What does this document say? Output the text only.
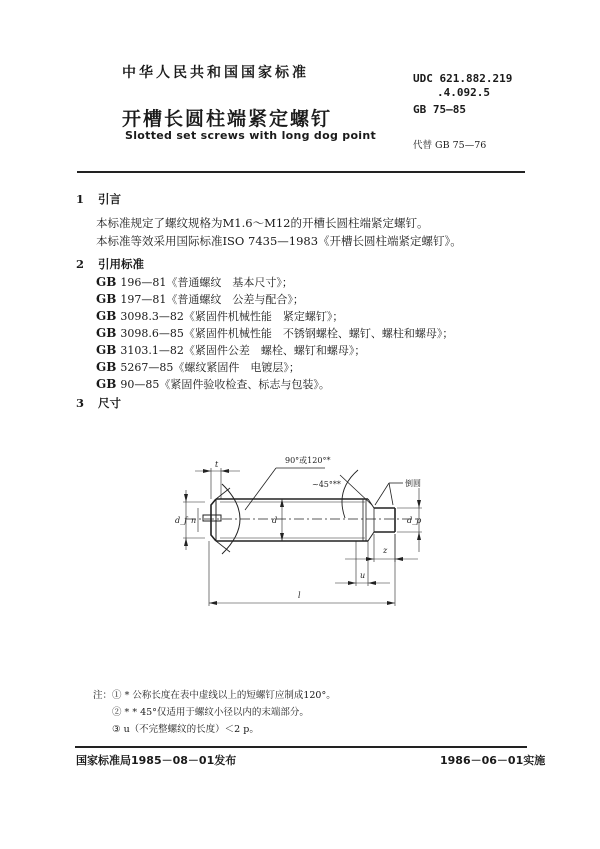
中华人民共和国国家标准
开槽长圆柱端紧定螺钉
Slotted set screws with long dog point
UDC 621.882.219
.4.092.5
GB 75—85
代替 GB 75—76
1 引言
本标准规定了螺纹规格为M1.6～M12的开槽长圆柱端紧定螺钉。
本标准等效采用国际标准ISO 7435—1983《开槽长圆柱端紧定螺钉》。
2 引用标准
GB 196—81《普通螺纹　基本尺寸》；
GB 197—81《普通螺纹　公差与配合》；
GB 3098.3—82《紧固件机械性能　紧定螺钉》；
GB 3098.6—85《紧固件机械性能　不锈钢螺栓、螺钉、螺柱和螺母》；
GB 3103.1—82《紧固件公差　螺栓、螺钉和螺母》；
GB 5267—85《螺纹紧固件　电镀层》；
GB 90—85《紧固件验收检查、标志与包装》。
3 尺寸
t	90°或120°*
~45°**	倒圆
d_f n	d	d_p
z
u
l
注：① * 公称长度在表中虚线以上的短螺钉应制成120°。
② * * 45°仅适用于螺纹小径以内的末端部分。
③ u（不完整螺纹的长度）＜2 p。
国家标准局1985－08－01发布	1986－06－01实施
